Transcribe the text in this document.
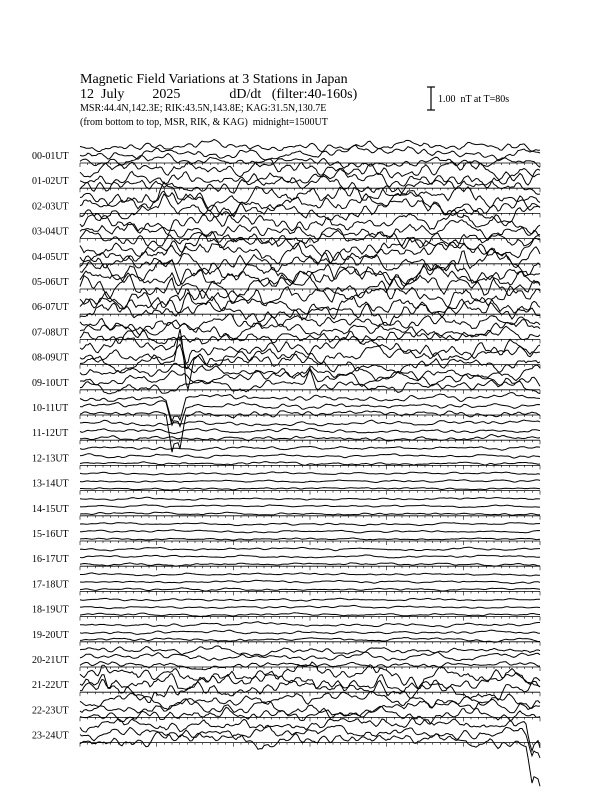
Magnetic Field Variations at 3 Stations in Japan
12  July        2025              dD/dt   (filter:40-160s)
MSR:44.4N,142.3E; RIK:43.5N,143.8E; KAG:31.5N,130.7E
(from bottom to top, MSR, RIK, & KAG)  midnight=1500UT
1.00  nT at T=80s
00-01UT
01-02UT
02-03UT
03-04UT
04-05UT
05-06UT
06-07UT
07-08UT
08-09UT
09-10UT
10-11UT
11-12UT
12-13UT
13-14UT
14-15UT
15-16UT
16-17UT
17-18UT
18-19UT
19-20UT
20-21UT
21-22UT
22-23UT
23-24UT
